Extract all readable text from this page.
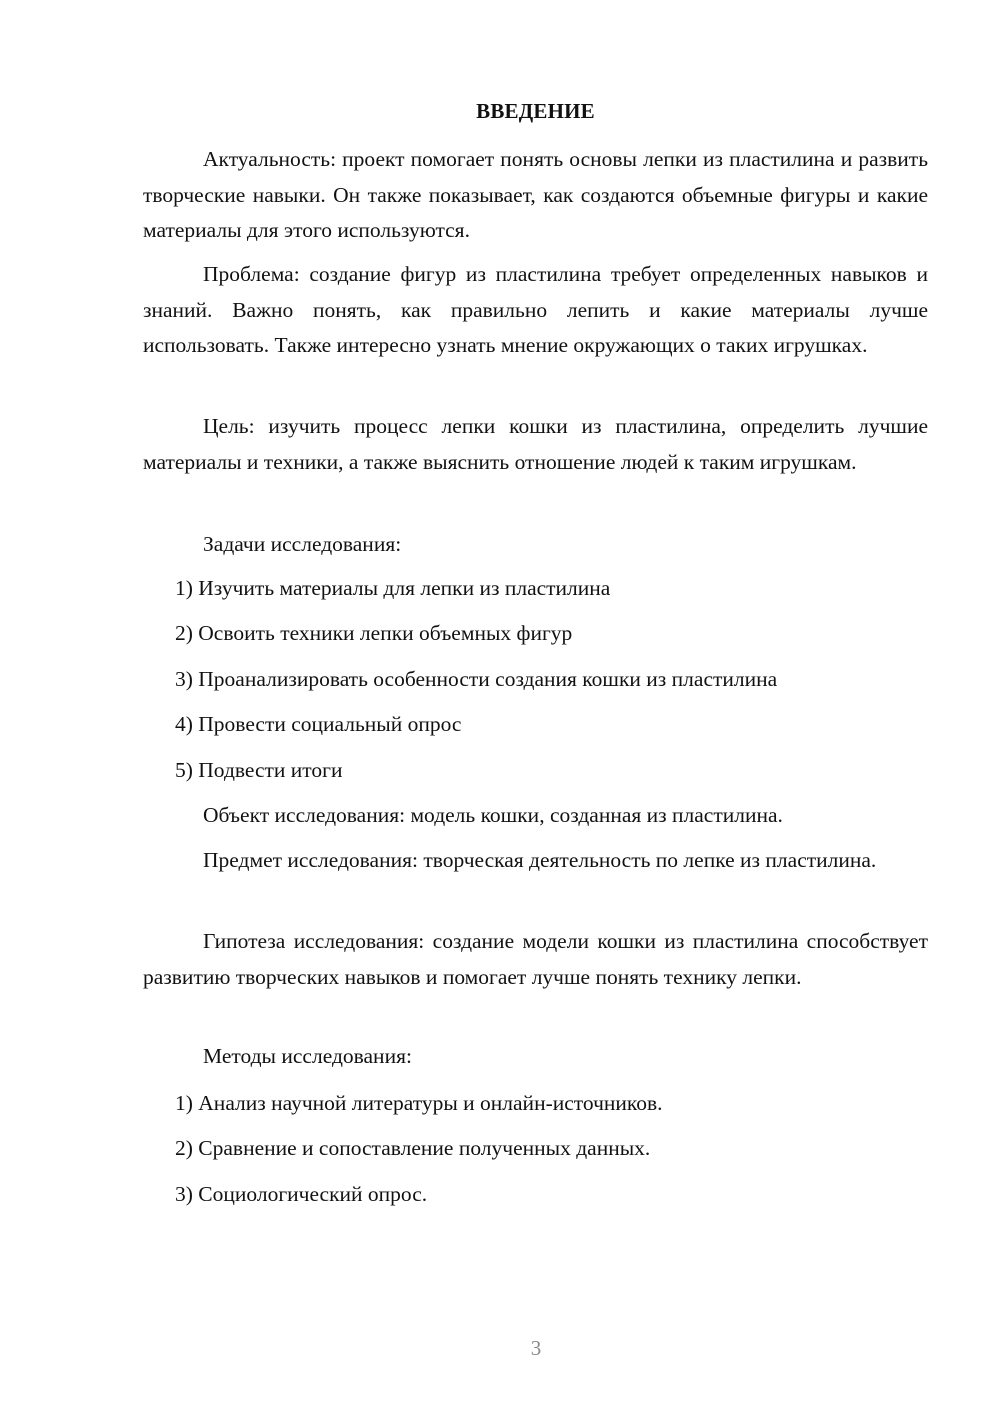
ВВЕДЕНИЕ

Актуальность: проект помогает понять основы лепки из пластилина и развить творческие навыки. Он также показывает, как создаются объемные фигуры и какие материалы для этого используются.

Проблема: создание фигур из пластилина требует определенных навыков и знаний. Важно понять, как правильно лепить и какие материалы лучше использовать. Также интересно узнать мнение окружающих о таких игрушках.

Цель: изучить процесс лепки кошки из пластилина, определить лучшие материалы и техники, а также выяснить отношение людей к таким игрушкам.

Задачи исследования:

1) Изучить материалы для лепки из пластилина

2) Освоить техники лепки объемных фигур

3) Проанализировать особенности создания кошки из пластилина

4) Провести социальный опрос

5) Подвести итоги

Объект исследования: модель кошки, созданная из пластилина.

Предмет исследования: творческая деятельность по лепке из пластилина.

Гипотеза исследования: создание модели кошки из пластилина способствует развитию творческих навыков и помогает лучше понять технику лепки.

Методы исследования:

1) Анализ научной литературы и онлайн-источников.

2) Сравнение и сопоставление полученных данных.

3) Социологический опрос.

3
